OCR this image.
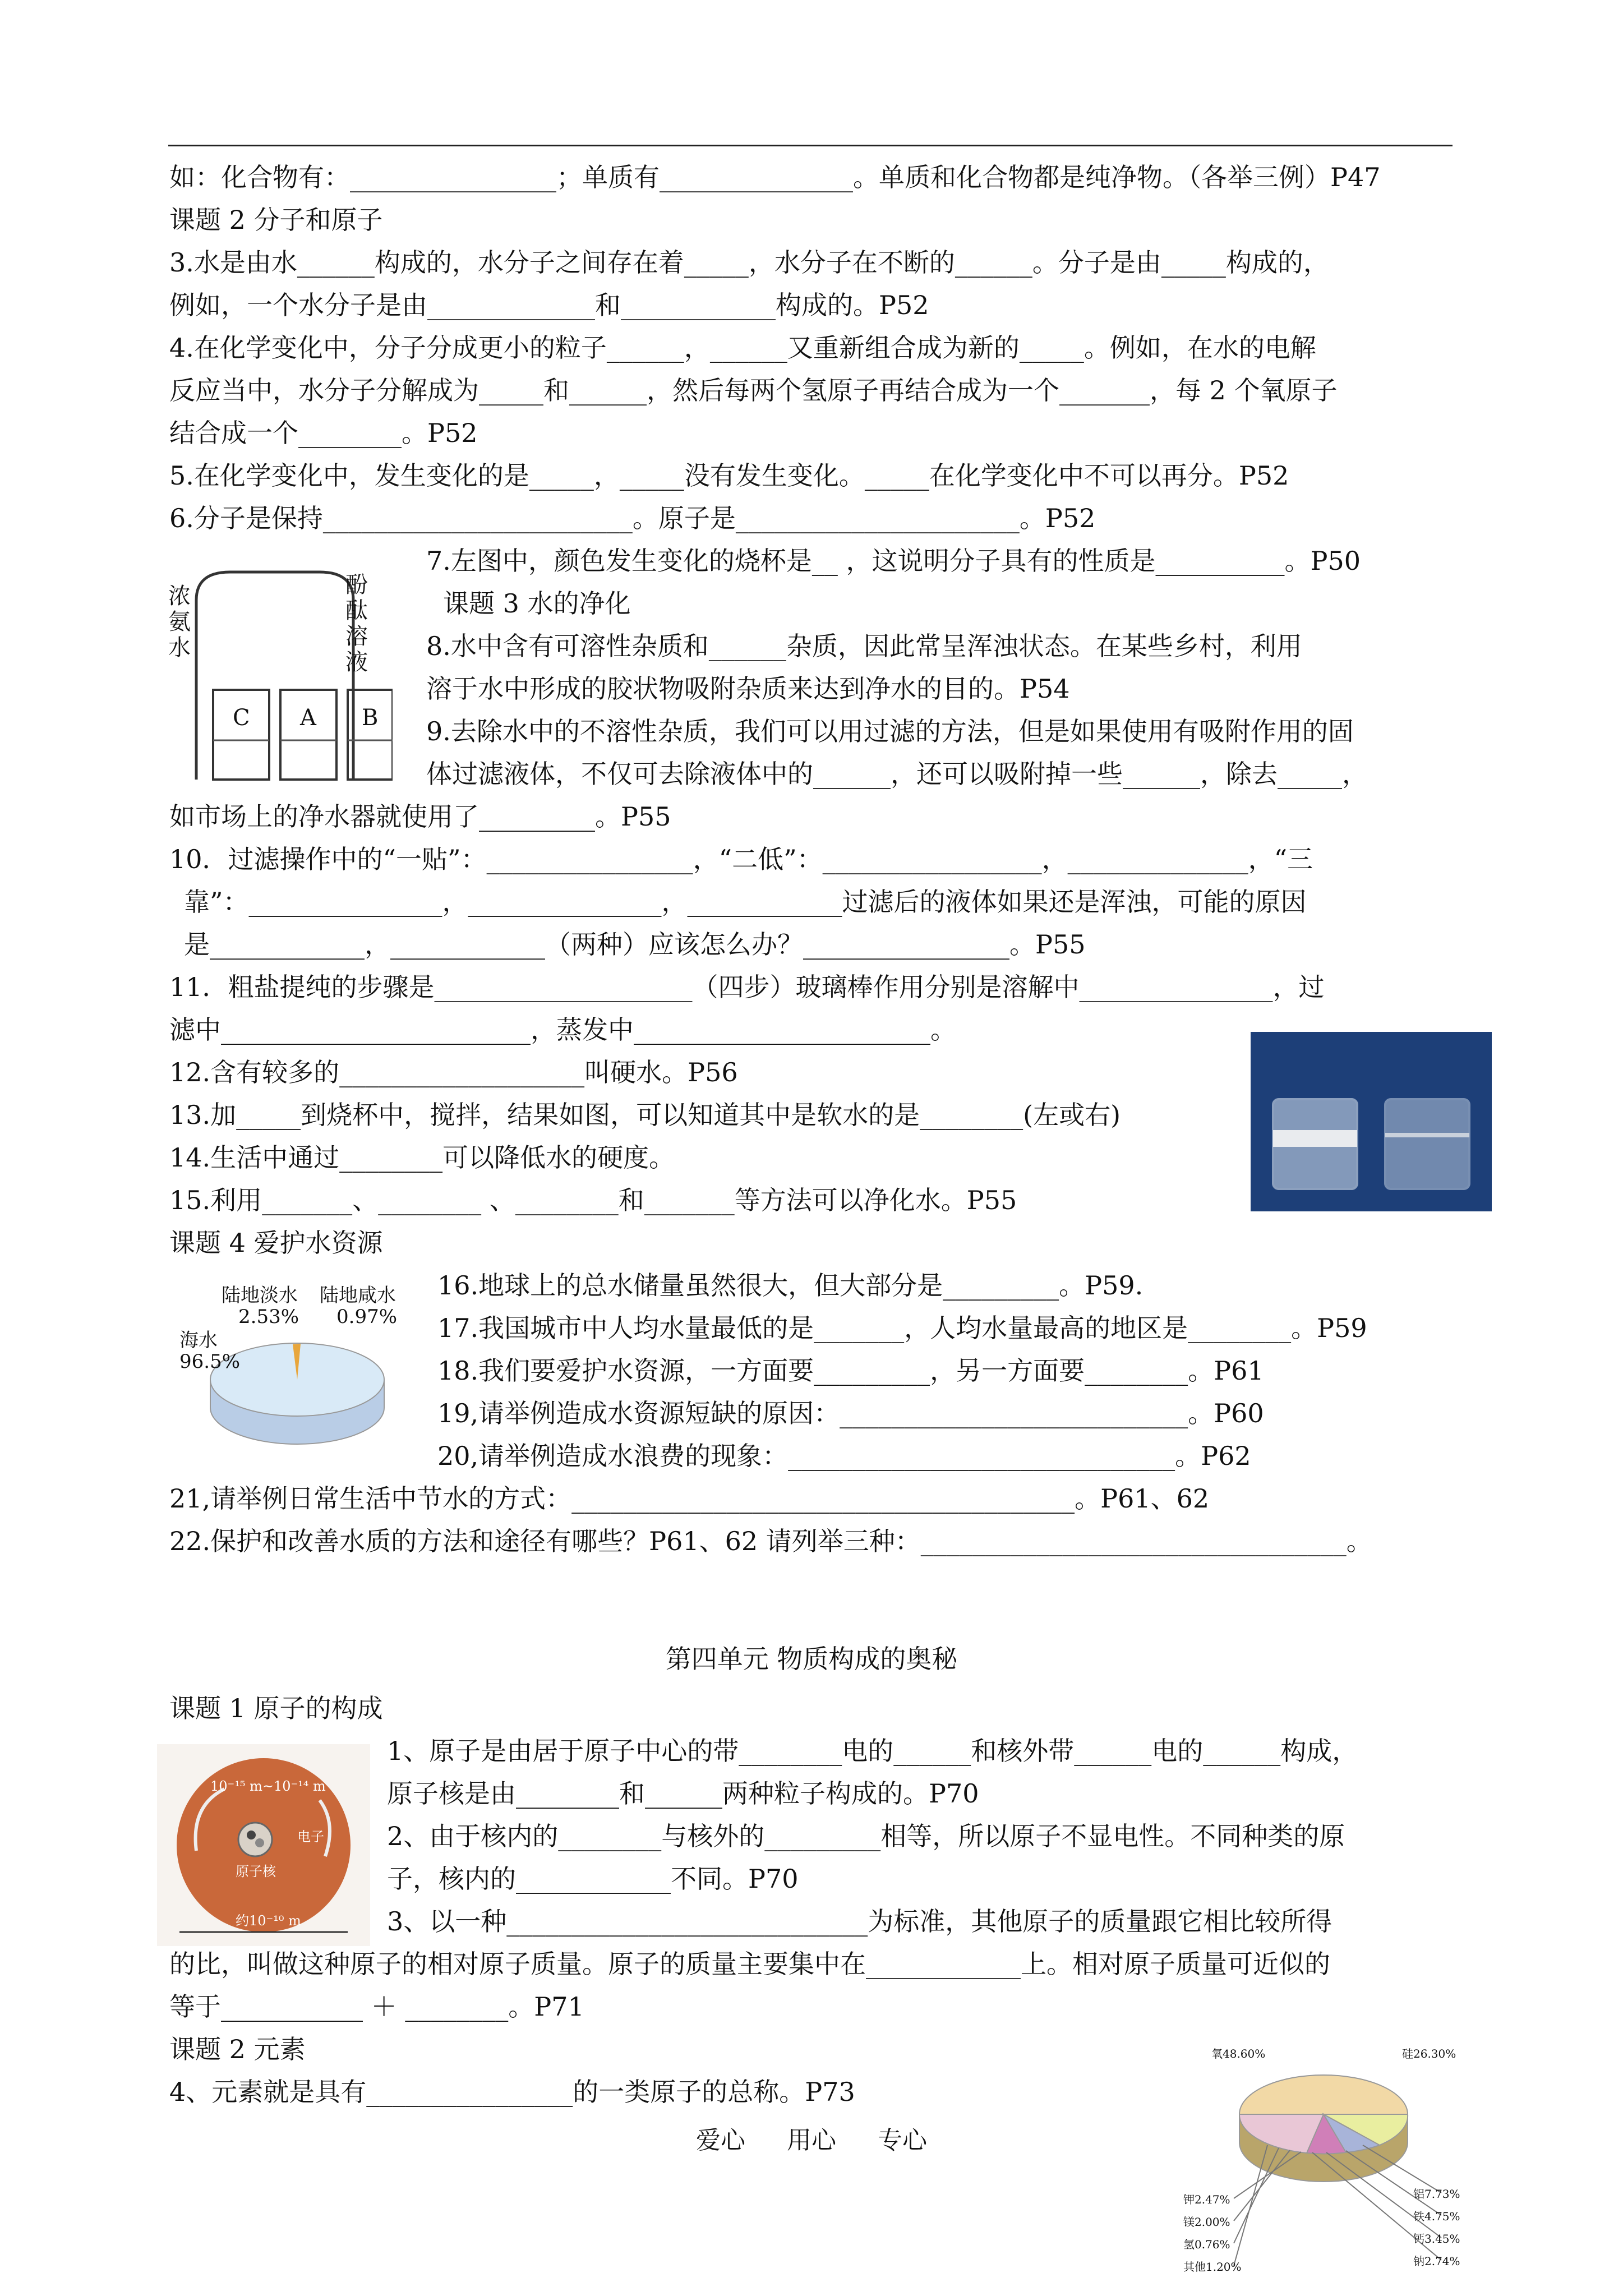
如：化合物有：________________；单质有_______________。单质和化合物都是纯净物。（各举三例）P47
课题 2 分子和原子
3.水是由水______构成的，水分子之间存在着_____，水分子在不断的______。分子是由_____构成的，
例如，一个水分子是由_____________和____________构成的。P52
4.在化学变化中，分子分成更小的粒子______，______又重新组合成为新的_____。例如，在水的电解
反应当中，水分子分解成为_____和______，然后每两个氢原子再结合成为一个_______，每 2 个氧原子
结合成一个________。P52
5.在化学变化中，发生变化的是_____，_____没有发生变化。_____在化学变化中不可以再分。P52
6.分子是保持________________________。原子是______________________。P52
浓氨水
酚酞溶液
C A B
7.左图中，颜色发生变化的烧杯是__ ，这说明分子具有的性质是__________。P50
课题 3 水的净化
8.水中含有可溶性杂质和______杂质，因此常呈浑浊状态。在某些乡村，利用
溶于水中形成的胶状物吸附杂质来达到净水的目的。P54
9.去除水中的不溶性杂质，我们可以用过滤的方法，但是如果使用有吸附作用的固
体过滤液体，不仅可去除液体中的______，还可以吸附掉一些______，除去_____，
如市场上的净水器就使用了_________。P55
10．过滤操作中的“一贴”：________________，“二低”：_________________，______________，“三
靠”：_______________，_______________，____________过滤后的液体如果还是浑浊，可能的原因
是____________，____________（两种）应该怎么办？________________。P55
11．粗盐提纯的步骤是____________________（四步）玻璃棒作用分别是溶解中_______________，过
滤中________________________，蒸发中_______________________。
12.含有较多的___________________叫硬水。P56
13.加_____到烧杯中，搅拌，结果如图，可以知道其中是软水的是________(左或右)
14.生活中通过________可以降低水的硬度。
15.利用_______、________ 、________和_______等方法可以净化水。P55
课题 4 爱护水资源
陆地淡水
2.53%
陆地咸水
0.97%
海水
96.5%
16.地球上的总水储量虽然很大，但大部分是_________。P59.
17.我国城市中人均水量最低的是_______，人均水量最高的地区是________。P59
18.我们要爱护水资源，一方面要_________，另一方面要________。P61
19,请举例造成水资源短缺的原因：___________________________。P60
20,请举例造成水浪费的现象：______________________________。P62
21,请举例日常生活中节水的方式：_______________________________________。P61、62
22.保护和改善水质的方法和途径有哪些？P61、62 请列举三种：_________________________________。
第四单元 物质构成的奥秘
课题 1 原子的构成
10⁻¹⁵ m~10⁻¹⁴ m
原子核
电子
约10⁻¹⁰ m
1、原子是由居于原子中心的带________电的______和核外带______电的______构成，
原子核是由________和______两种粒子构成的。P70
2、由于核内的________与核外的_________相等，所以原子不显电性。不同种类的原
子，核内的____________不同。P70
3、以一种____________________________为标准，其他原子的质量跟它相比较所得
的比，叫做这种原子的相对原子质量。原子的质量主要集中在____________上。相对原子质量可近似的
等于___________ ＋ ________。P71
课题 2 元素
4、元素就是具有________________的一类原子的总称。P73
氧48.60%	硅26.30%
铝7.73%
铁4.75%
钙3.45%
钠2.74%
钾2.47%
镁2.00%
氢0.76%
其他1.20%
爱心 用心 专心
